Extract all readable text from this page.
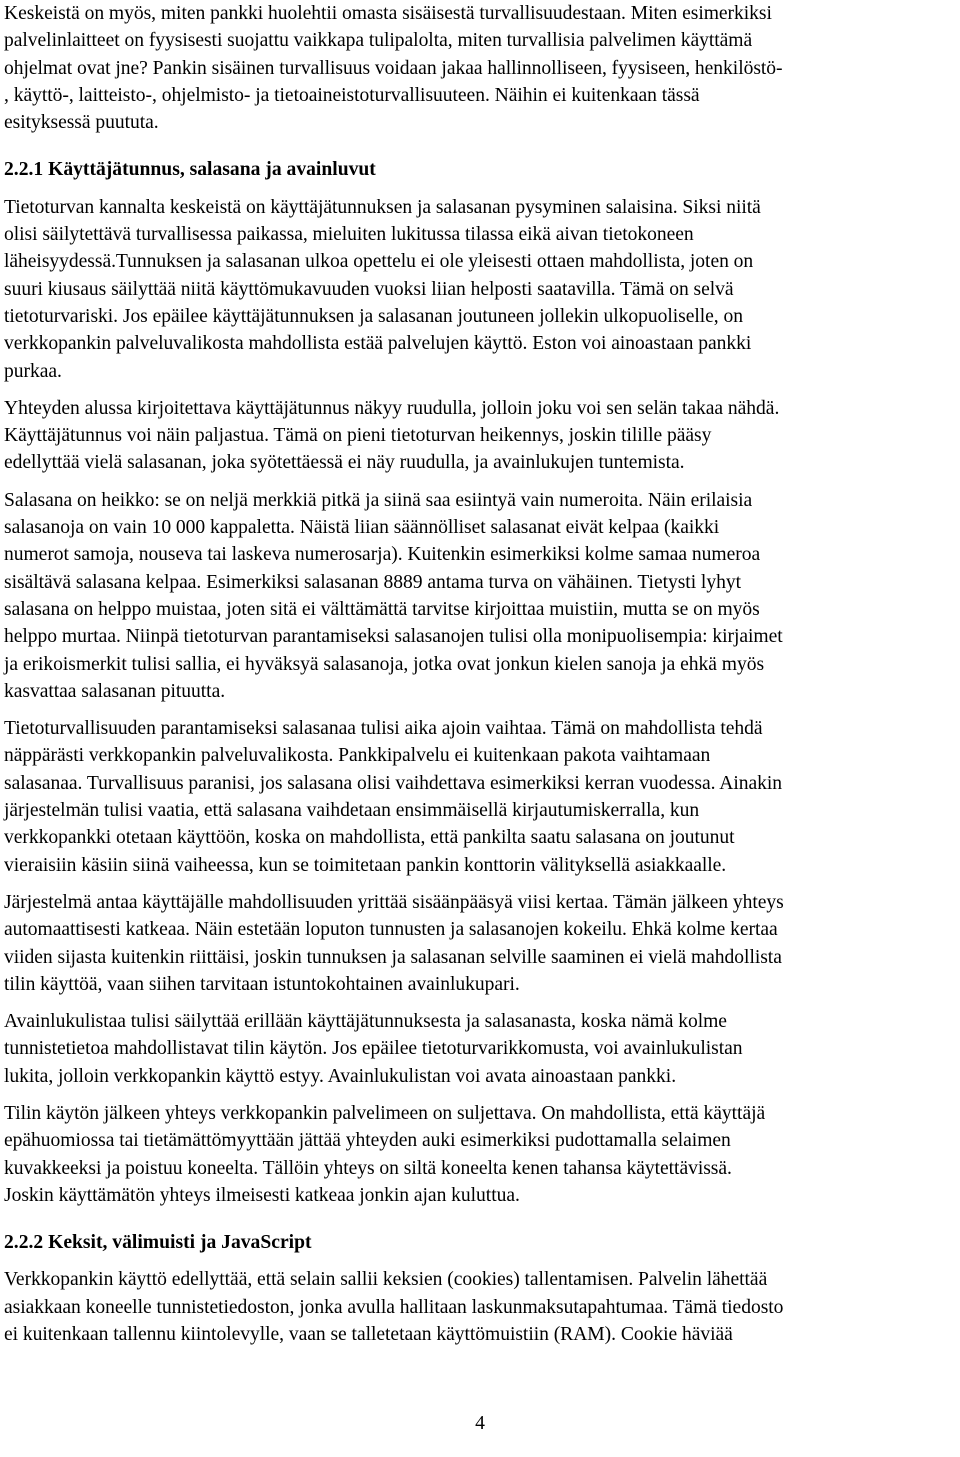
Keskeistä on myös, miten pankki huolehtii omasta sisäisestä turvallisuudestaan. Miten esimerkiksi
palvelinlaitteet on fyysisesti suojattu vaikkapa tulipalolta, miten turvallisia palvelimen käyttämä
ohjelmat ovat jne? Pankin sisäinen turvallisuus voidaan jakaa hallinnolliseen, fyysiseen, henkilöstö-
, käyttö-, laitteisto-, ohjelmisto- ja tietoaineistoturvallisuuteen. Näihin ei kuitenkaan tässä
esityksessä puututa.

2.2.1 Käyttäjätunnus, salasana ja avainluvut

Tietoturvan kannalta keskeistä on käyttäjätunnuksen ja salasanan pysyminen salaisina. Siksi niitä
olisi säilytettävä turvallisessa paikassa, mieluiten lukitussa tilassa eikä aivan tietokoneen
läheisyydessä.Tunnuksen ja salasanan ulkoa opettelu ei ole yleisesti ottaen mahdollista, joten on
suuri kiusaus säilyttää niitä käyttömukavuuden vuoksi liian helposti saatavilla. Tämä on selvä
tietoturvariski. Jos epäilee käyttäjätunnuksen ja salasanan joutuneen jollekin ulkopuoliselle, on
verkkopankin palveluvalikosta mahdollista estää palvelujen käyttö. Eston voi ainoastaan pankki
purkaa.

Yhteyden alussa kirjoitettava käyttäjätunnus näkyy ruudulla, jolloin joku voi sen selän takaa nähdä.
Käyttäjätunnus voi näin paljastua. Tämä on pieni tietoturvan heikennys, joskin tilille pääsy
edellyttää vielä salasanan, joka syötettäessä ei näy ruudulla, ja avainlukujen tuntemista.

Salasana on heikko: se on neljä merkkiä pitkä ja siinä saa esiintyä vain numeroita. Näin erilaisia
salasanoja on vain 10 000 kappaletta. Näistä liian säännölliset salasanat eivät kelpaa (kaikki
numerot samoja, nouseva tai laskeva numerosarja). Kuitenkin esimerkiksi kolme samaa numeroa
sisältävä salasana kelpaa. Esimerkiksi salasanan 8889 antama turva on vähäinen. Tietysti lyhyt
salasana on helppo muistaa, joten sitä ei välttämättä tarvitse kirjoittaa muistiin, mutta se on myös
helppo murtaa. Niinpä tietoturvan parantamiseksi salasanojen tulisi olla monipuolisempia: kirjaimet
ja erikoismerkit tulisi sallia, ei hyväksyä salasanoja, jotka ovat jonkun kielen sanoja ja ehkä myös
kasvattaa salasanan pituutta.

Tietoturvallisuuden parantamiseksi salasanaa tulisi aika ajoin vaihtaa. Tämä on mahdollista tehdä
näppärästi verkkopankin palveluvalikosta. Pankkipalvelu ei kuitenkaan pakota vaihtamaan
salasanaa. Turvallisuus paranisi, jos salasana olisi vaihdettava esimerkiksi kerran vuodessa. Ainakin
järjestelmän tulisi vaatia, että salasana vaihdetaan ensimmäisellä kirjautumiskerralla, kun
verkkopankki otetaan käyttöön, koska on mahdollista, että pankilta saatu salasana on joutunut
vieraisiin käsiin siinä vaiheessa, kun se toimitetaan pankin konttorin välityksellä asiakkaalle.

Järjestelmä antaa käyttäjälle mahdollisuuden yrittää sisäänpääsyä viisi kertaa. Tämän jälkeen yhteys
automaattisesti katkeaa. Näin estetään loputon tunnusten ja salasanojen kokeilu. Ehkä kolme kertaa
viiden sijasta kuitenkin riittäisi, joskin tunnuksen ja salasanan selville saaminen ei vielä mahdollista
tilin käyttöä, vaan siihen tarvitaan istuntokohtainen avainlukupari.

Avainlukulistaa tulisi säilyttää erillään käyttäjätunnuksesta ja salasanasta, koska nämä kolme
tunnistetietoa mahdollistavat tilin käytön. Jos epäilee tietoturvarikkomusta, voi avainlukulistan
lukita, jolloin verkkopankin käyttö estyy. Avainlukulistan voi avata ainoastaan pankki.

Tilin käytön jälkeen yhteys verkkopankin palvelimeen on suljettava. On mahdollista, että käyttäjä
epähuomiossa tai tietämättömyyttään jättää yhteyden auki esimerkiksi pudottamalla selaimen
kuvakkeeksi ja poistuu koneelta. Tällöin yhteys on siltä koneelta kenen tahansa käytettävissä.
Joskin käyttämätön yhteys ilmeisesti katkeaa jonkin ajan kuluttua.

2.2.2 Keksit, välimuisti ja JavaScript

Verkkopankin käyttö edellyttää, että selain sallii keksien (cookies) tallentamisen. Palvelin lähettää
asiakkaan koneelle tunnistetiedoston, jonka avulla hallitaan laskunmaksutapahtumaa. Tämä tiedosto
ei kuitenkaan tallennu kiintolevylle, vaan se talletetaan käyttömuistiin (RAM). Cookie häviää

4
